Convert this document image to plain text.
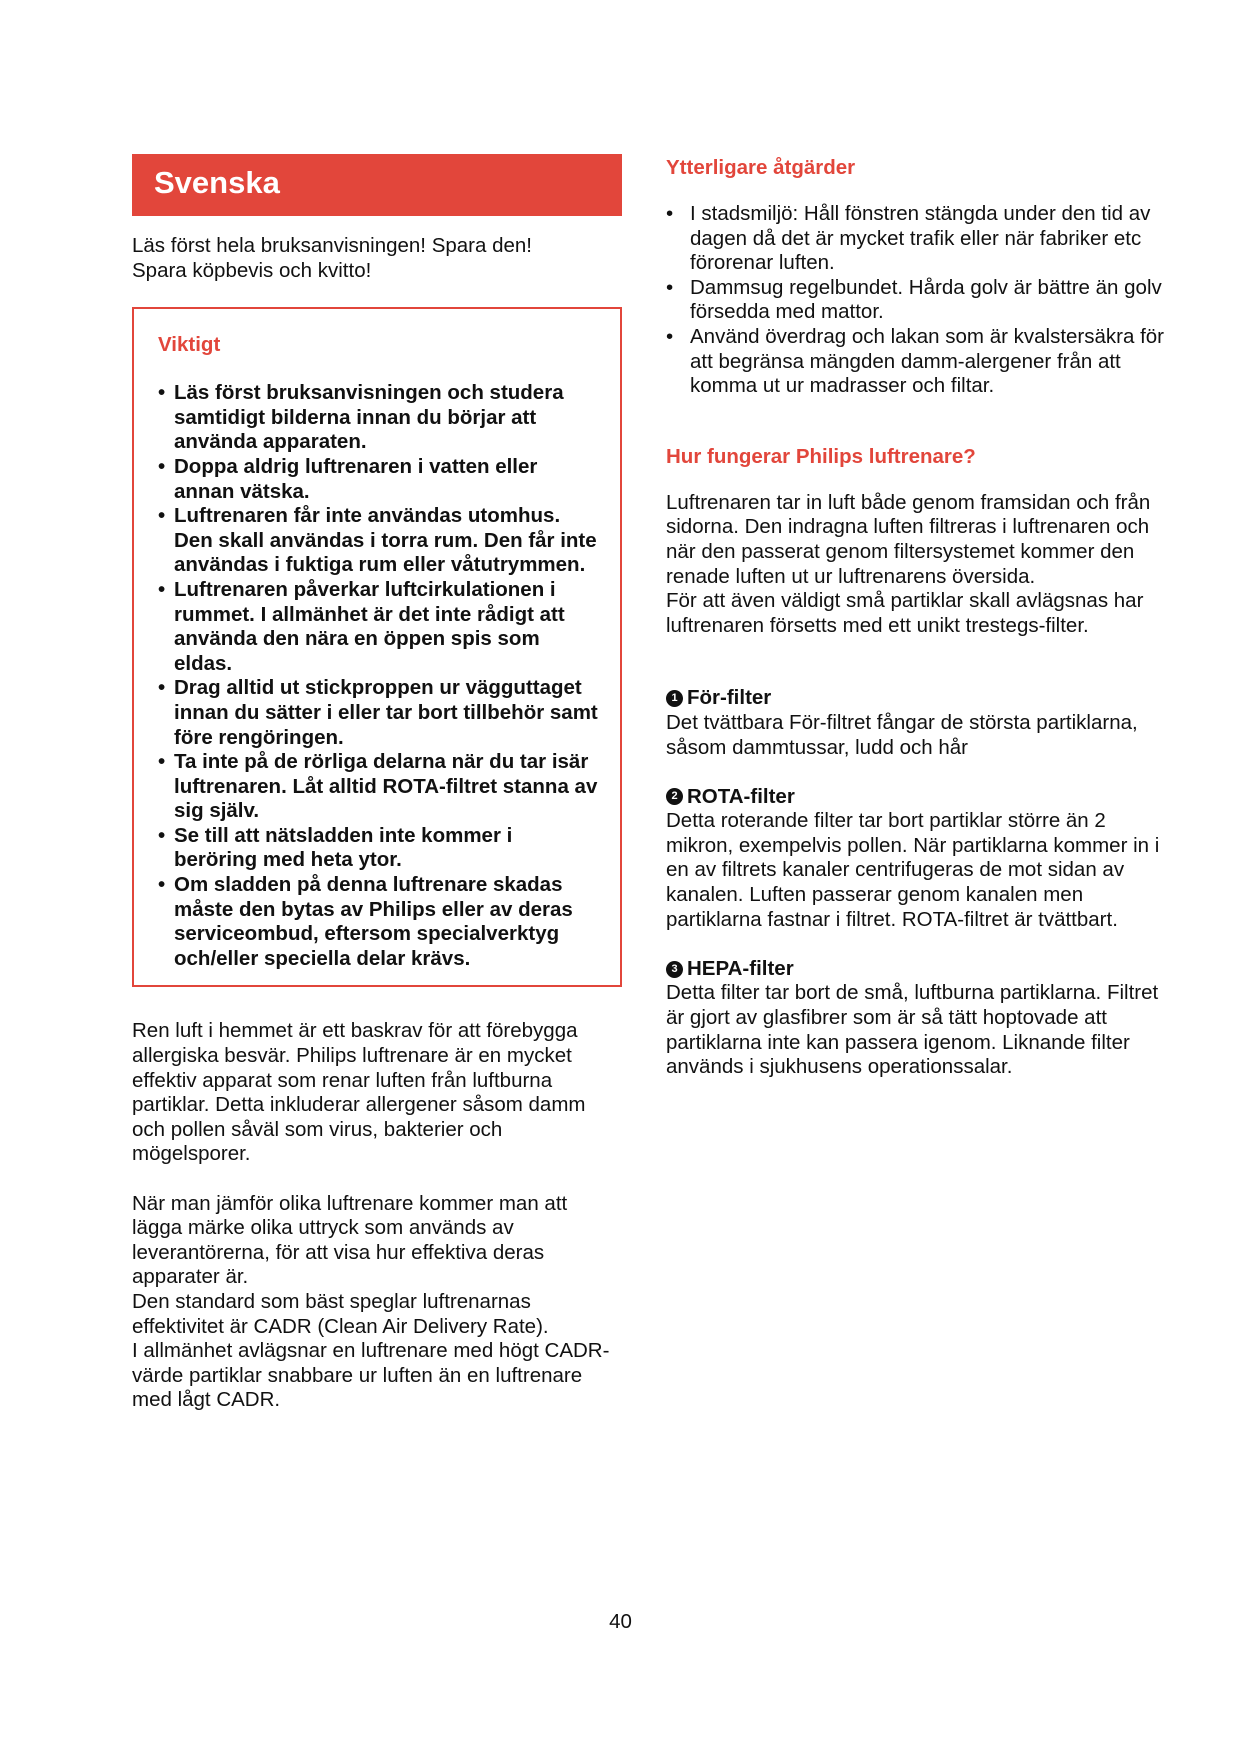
Svenska

Läs först hela bruksanvisningen! Spara den!

Spara köpbevis och kvitto!

Viktigt

• Läs först bruksanvisningen och studera samtidigt bilderna innan du börjar att använda apparaten.
• Doppa aldrig luftrenaren i vatten eller annan vätska.
• Luftrenaren får inte användas utomhus. Den skall användas i torra rum. Den får inte användas i fuktiga rum eller våtutrymmen.
• Luftrenaren påverkar luftcirkulationen i rummet. I allmänhet är det inte rådigt att använda den nära en öppen spis som eldas.
• Drag alltid ut stickproppen ur vägguttaget innan du sätter i eller tar bort tillbehör samt före rengöringen.
• Ta inte på de rörliga delarna när du tar isär luftrenaren. Låt alltid ROTA-filtret stanna av sig själv.
• Se till att nätsladden inte kommer i beröring med heta ytor.
• Om sladden på denna luftrenare skadas måste den bytas av Philips eller av deras serviceombud, eftersom specialverktyg och/eller speciella delar krävs.

Ren luft i hemmet är ett baskrav för att förebygga allergiska besvär. Philips luftrenare är en mycket effektiv apparat som renar luften från luftburna partiklar. Detta inkluderar allergener såsom damm och pollen såväl som virus, bakterier och mögelsporer.

När man jämför olika luftrenare kommer man att lägga märke olika uttryck som används av leverantörerna, för att visa hur effektiva deras apparater är.

Den standard som bäst speglar luftrenarnas effektivitet är CADR (Clean Air Delivery Rate).

I allmänhet avlägsnar en luftrenare med högt CADR-värde partiklar snabbare ur luften än en luftrenare med lågt CADR.

Ytterligare åtgärder

• I stadsmiljö: Håll fönstren stängda under den tid av dagen då det är mycket trafik eller när fabriker etc förorenar luften.
• Dammsug regelbundet. Hårda golv är bättre än golv försedda med mattor.
• Använd överdrag och lakan som är kvalstersäkra för att begränsa mängden damm-alergener från att komma ut ur madrasser och filtar.

Hur fungerar Philips luftrenare?

Luftrenaren tar in luft både genom framsidan och från sidorna. Den indragna luften filtreras i luftrenaren och när den passerat genom filtersystemet kommer den renade luften ut ur luftrenarens översida.

För att även väldigt små partiklar skall avlägsnas har luftrenaren försetts med ett unikt trestegs-filter.

1 För-filter

Det tvättbara För-filtret fångar de största partiklarna, såsom dammtussar, ludd och hår

2 ROTA-filter

Detta roterande filter tar bort partiklar större än 2 mikron, exempelvis pollen. När partiklarna kommer in i en av filtrets kanaler centrifugeras de mot sidan av kanalen. Luften passerar genom kanalen men partiklarna fastnar i filtret. ROTA-filtret är tvättbart.

3 HEPA-filter

Detta filter tar bort de små, luftburna partiklarna. Filtret är gjort av glasfibrer som är så tätt hoptovade att partiklarna inte kan passera igenom. Liknande filter används i sjukhusens operationssalar.

40
